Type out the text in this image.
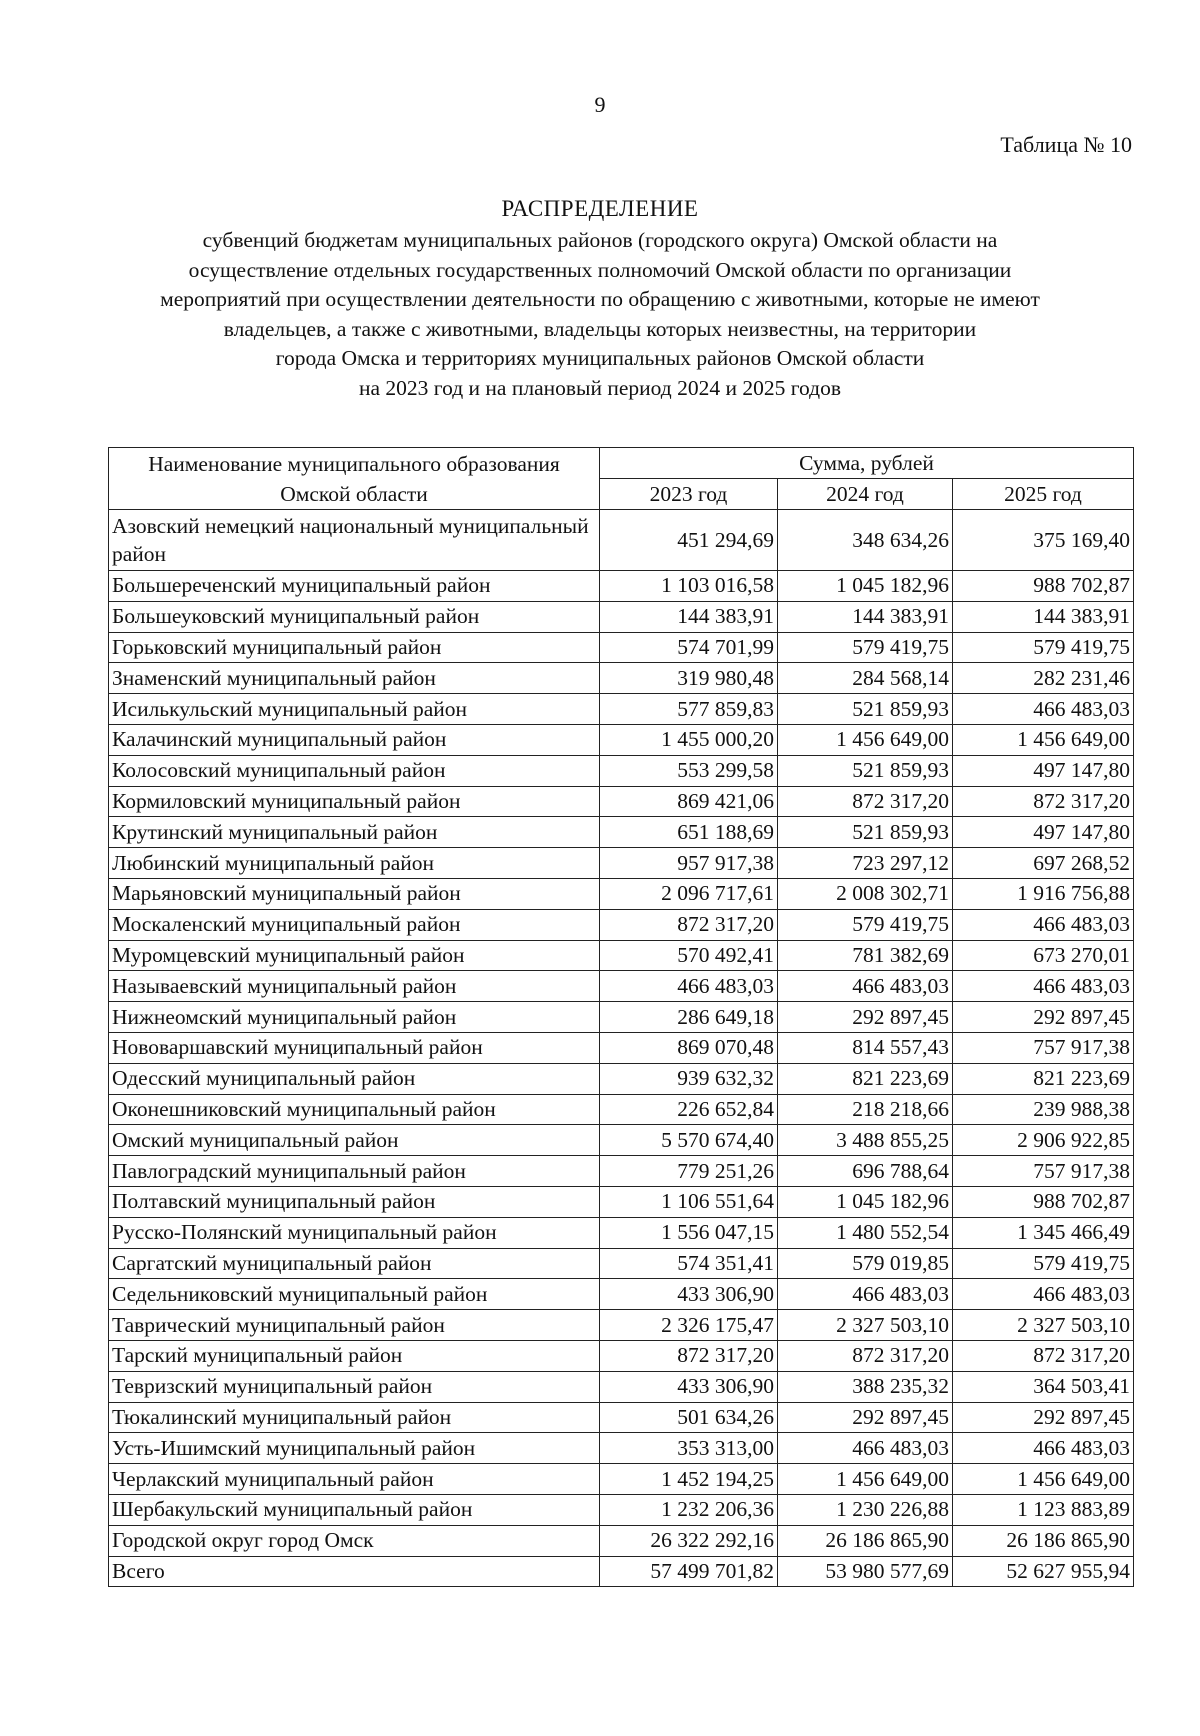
9
Таблица № 10
РАСПРЕДЕЛЕНИЕ
субвенций бюджетам муниципальных районов (городского округа) Омской области на
осуществление отдельных государственных полномочий Омской области по организации
мероприятий при осуществлении деятельности по обращению с животными, которые не имеют
владельцев, а также с животными, владельцы которых неизвестны, на территории
города Омска и территориях муниципальных районов Омской области
на 2023 год и на плановый период 2024 и 2025 годов
Наименование муниципального образования Омской области	Сумма, рублей		
	2023 год	2024 год	2025 год
Азовский немецкий национальный муниципальный район	451 294,69	348 634,26	375 169,40
Большереченский муниципальный район	1 103 016,58	1 045 182,96	988 702,87
Большеуковский муниципальный район	144 383,91	144 383,91	144 383,91
Горьковский муниципальный район	574 701,99	579 419,75	579 419,75
Знаменский муниципальный район	319 980,48	284 568,14	282 231,46
Исилькульский муниципальный район	577 859,83	521 859,93	466 483,03
Калачинский муниципальный район	1 455 000,20	1 456 649,00	1 456 649,00
Колосовский муниципальный район	553 299,58	521 859,93	497 147,80
Кормиловский муниципальный район	869 421,06	872 317,20	872 317,20
Крутинский муниципальный район	651 188,69	521 859,93	497 147,80
Любинский муниципальный район	957 917,38	723 297,12	697 268,52
Марьяновский муниципальный район	2 096 717,61	2 008 302,71	1 916 756,88
Москаленский муниципальный район	872 317,20	579 419,75	466 483,03
Муромцевский муниципальный район	570 492,41	781 382,69	673 270,01
Называевский муниципальный район	466 483,03	466 483,03	466 483,03
Нижнеомский муниципальный район	286 649,18	292 897,45	292 897,45
Нововаршавский муниципальный район	869 070,48	814 557,43	757 917,38
Одесский муниципальный район	939 632,32	821 223,69	821 223,69
Оконешниковский муниципальный район	226 652,84	218 218,66	239 988,38
Омский муниципальный район	5 570 674,40	3 488 855,25	2 906 922,85
Павлоградский муниципальный район	779 251,26	696 788,64	757 917,38
Полтавский муниципальный район	1 106 551,64	1 045 182,96	988 702,87
Русско-Полянский муниципальный район	1 556 047,15	1 480 552,54	1 345 466,49
Саргатский муниципальный район	574 351,41	579 019,85	579 419,75
Седельниковский муниципальный район	433 306,90	466 483,03	466 483,03
Таврический муниципальный район	2 326 175,47	2 327 503,10	2 327 503,10
Тарский муниципальный район	872 317,20	872 317,20	872 317,20
Тевризский муниципальный район	433 306,90	388 235,32	364 503,41
Тюкалинский муниципальный район	501 634,26	292 897,45	292 897,45
Усть-Ишимский муниципальный район	353 313,00	466 483,03	466 483,03
Черлакский муниципальный район	1 452 194,25	1 456 649,00	1 456 649,00
Шербакульский муниципальный район	1 232 206,36	1 230 226,88	1 123 883,89
Городской округ город Омск	26 322 292,16	26 186 865,90	26 186 865,90
Всего	57 499 701,82	53 980 577,69	52 627 955,94
